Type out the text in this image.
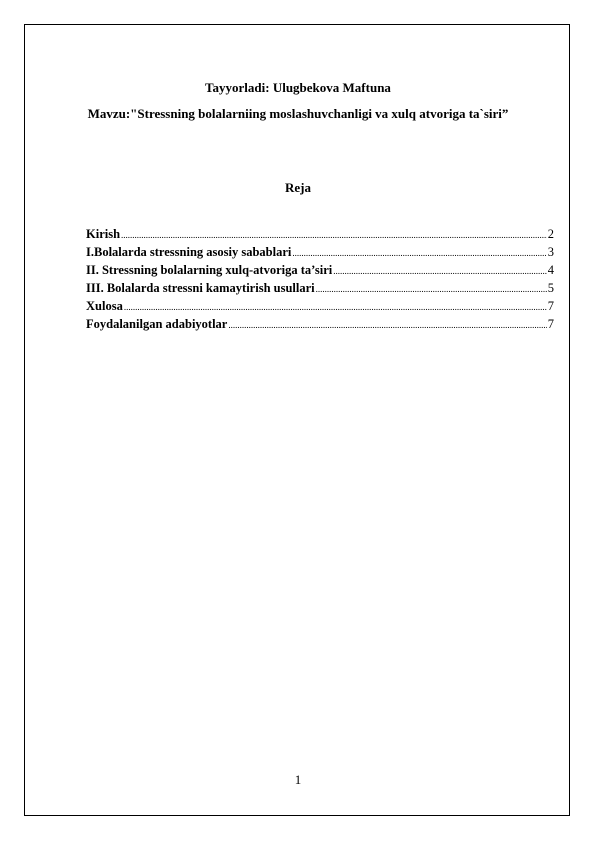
Tayyorladi: Ulugbekova Maftuna
Mavzu:"Stressning bolalarniing moslashuvchanligi va xulq atvoriga ta`siri”
Reja
Kirish .....	2
I.Bolalarda stressning asosiy sabablari .....	3
II. Stressning bolalarning xulq-atvoriga ta’siri .....	4
III. Bolalarda stressni kamaytirish usullari .....	5
Xulosa .....	7
Foydalanilgan adabiyotlar .....	7
1
